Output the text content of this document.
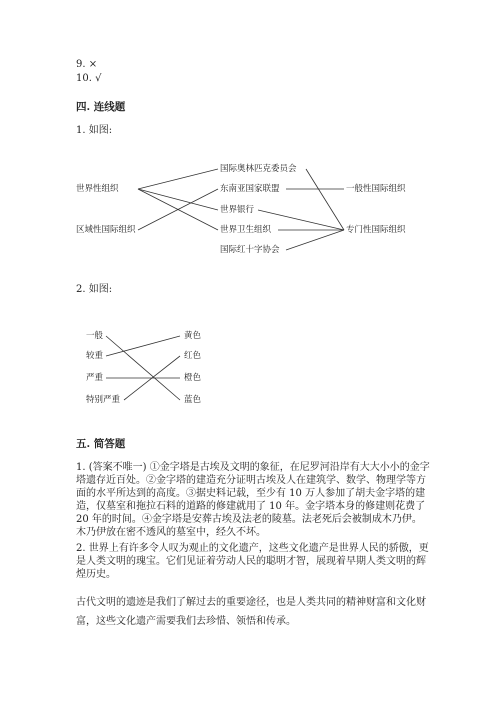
9. ×
10. √
四. 连线题
1. 如图:
世界性组织
区域性国际组织
国际奥林匹克委员会
东南亚国家联盟
世界银行
世界卫生组织
国际红十字协会
一般性国际组织
专门性国际组织
2. 如图:
一般
较重
严重
特别严重
黄色
红色
橙色
蓝色
五. 简答题
1. (答案不唯一) ①金字塔是古埃及文明的象征，在尼罗河沿岸有大大小小的金字塔遗存近百处。②金字塔的建造充分证明古埃及人在建筑学、数学、物理学等方面的水平所达到的高度。③据史料记载，至少有 10 万人参加了胡夫金字塔的建造，仅墓室和拖拉石料的道路的修建就用了 10 年。金字塔本身的修建则花费了 20 年的时间。④金字塔是安葬古埃及法老的陵墓。法老死后会被制成木乃伊。木乃伊放在密不透风的墓室中，经久不坏。
2. 世界上有许多令人叹为观止的文化遗产，这些文化遗产是世界人民的骄傲，更是人类文明的瑰宝。它们见证着劳动人民的聪明才智，展现着早期人类文明的辉煌历史。
古代文明的遗迹是我们了解过去的重要途径，也是人类共同的精神财富和文化财富，这些文化遗产需要我们去珍惜、领悟和传承。
